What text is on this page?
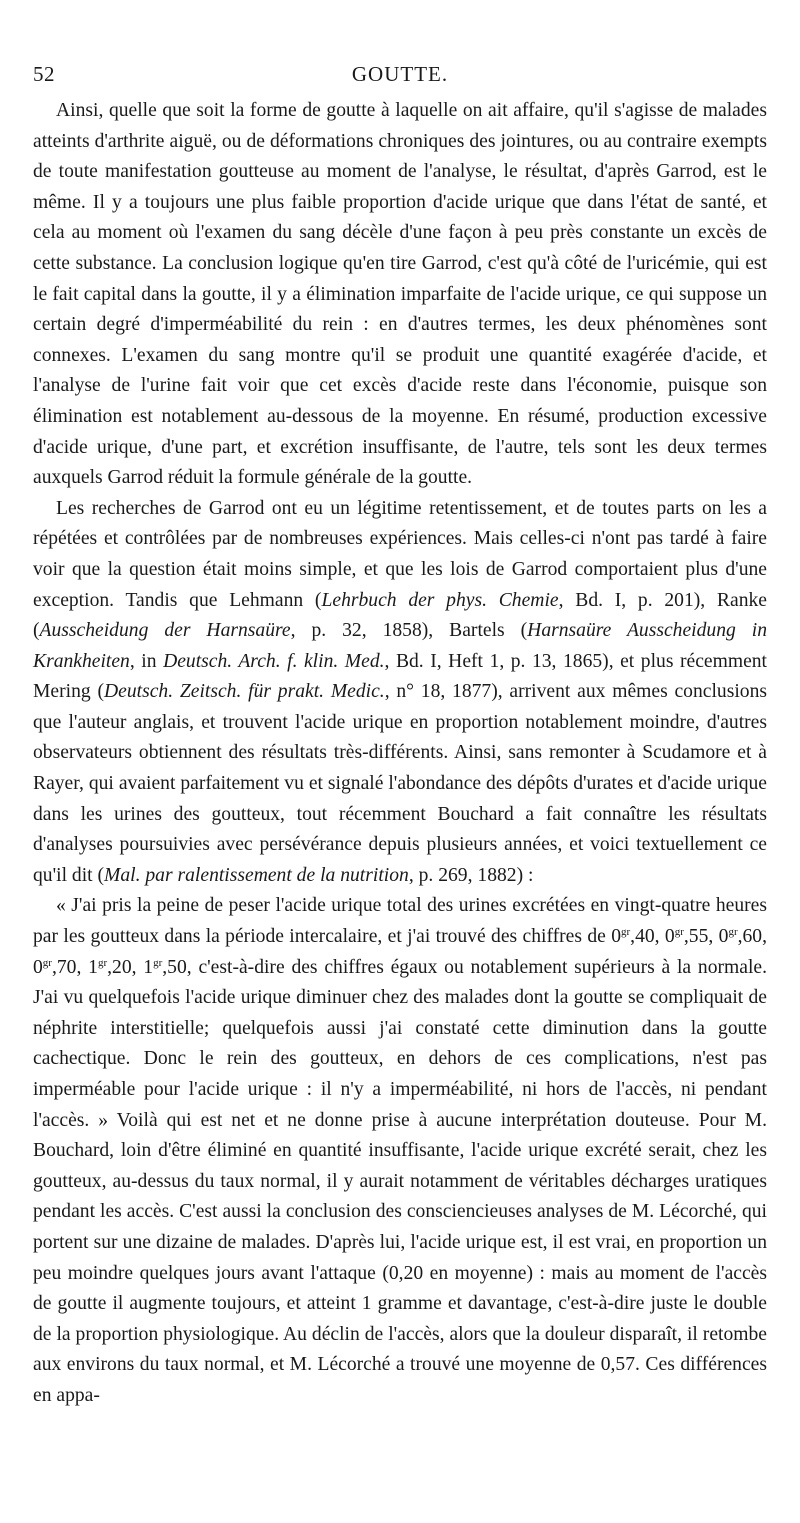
52	GOUTTE.

Ainsi, quelle que soit la forme de goutte à laquelle on ait affaire, qu'il s'agisse de malades atteints d'arthrite aiguë, ou de déformations chroniques des jointures, ou au contraire exempts de toute manifestation goutteuse au moment de l'analyse, le résultat, d'après Garrod, est le même. Il y a toujours une plus faible proportion d'acide urique que dans l'état de santé, et cela au moment où l'examen du sang décèle d'une façon à peu près constante un excès de cette substance. La conclusion logique qu'en tire Garrod, c'est qu'à côté de l'uricémie, qui est le fait capital dans la goutte, il y a élimination imparfaite de l'acide urique, ce qui suppose un certain degré d'imperméabilité du rein : en d'autres termes, les deux phénomènes sont connexes. L'examen du sang montre qu'il se produit une quantité exagérée d'acide, et l'analyse de l'urine fait voir que cet excès d'acide reste dans l'économie, puisque son élimination est notablement au-dessous de la moyenne. En résumé, production excessive d'acide urique, d'une part, et excrétion insuffisante, de l'autre, tels sont les deux termes auxquels Garrod réduit la formule générale de la goutte.

Les recherches de Garrod ont eu un légitime retentissement, et de toutes parts on les a répétées et contrôlées par de nombreuses expériences. Mais celles-ci n'ont pas tardé à faire voir que la question était moins simple, et que les lois de Garrod comportaient plus d'une exception. Tandis que Lehmann (Lehrbuch der phys. Chemie, Bd. I, p. 201), Ranke (Ausscheidung der Harnsaüre, p. 32, 1858), Bartels (Harnsaüre Ausscheidung in Krankheiten, in Deutsch. Arch. f. klin. Med., Bd. I, Heft 1, p. 13, 1865), et plus récemment Mering (Deutsch. Zeitsch. für prakt. Medic., n° 18, 1877), arrivent aux mêmes conclusions que l'auteur anglais, et trouvent l'acide urique en proportion notablement moindre, d'autres observateurs obtiennent des résultats très-différents. Ainsi, sans remonter à Scudamore et à Rayer, qui avaient parfaitement vu et signalé l'abondance des dépôts d'urates et d'acide urique dans les urines des goutteux, tout récemment Bouchard a fait connaître les résultats d'analyses poursuivies avec persévérance depuis plusieurs années, et voici textuellement ce qu'il dit (Mal. par ralentissement de la nutrition, p. 269, 1882) :

« J'ai pris la peine de peser l'acide urique total des urines excrétées en vingt-quatre heures par les goutteux dans la période intercalaire, et j'ai trouvé des chiffres de $0^{gr},40$, $0^{gr},55$, $0^{gr},60$, $0^{gr},70$, $1^{gr},20$, $1^{gr},50$, c'est-à-dire des chiffres égaux ou notablement supérieurs à la normale. J'ai vu quelquefois l'acide urique diminuer chez des malades dont la goutte se compliquait de néphrite interstitielle; quelquefois aussi j'ai constaté cette diminution dans la goutte cachectique. Donc le rein des goutteux, en dehors de ces complications, n'est pas imperméable pour l'acide urique : il n'y a imperméabilité, ni hors de l'accès, ni pendant l'accès. » Voilà qui est net et ne donne prise à aucune interprétation douteuse. Pour M. Bouchard, loin d'être éliminé en quantité insuffisante, l'acide urique excrété serait, chez les goutteux, au-dessus du taux normal, il y aurait notamment de véritables décharges uratiques pendant les accès. C'est aussi la conclusion des consciencieuses analyses de M. Lécorché, qui portent sur une dizaine de malades. D'après lui, l'acide urique est, il est vrai, en proportion un peu moindre quelques jours avant l'attaque (0,20 en moyenne) : mais au moment de l'accès de goutte il augmente toujours, et atteint 1 gramme et davantage, c'est-à-dire juste le double de la proportion physiologique. Au déclin de l'accès, alors que la douleur disparaît, il retombe aux environs du taux normal, et M. Lécorché a trouvé une moyenne de 0,57. Ces différences en appa-
